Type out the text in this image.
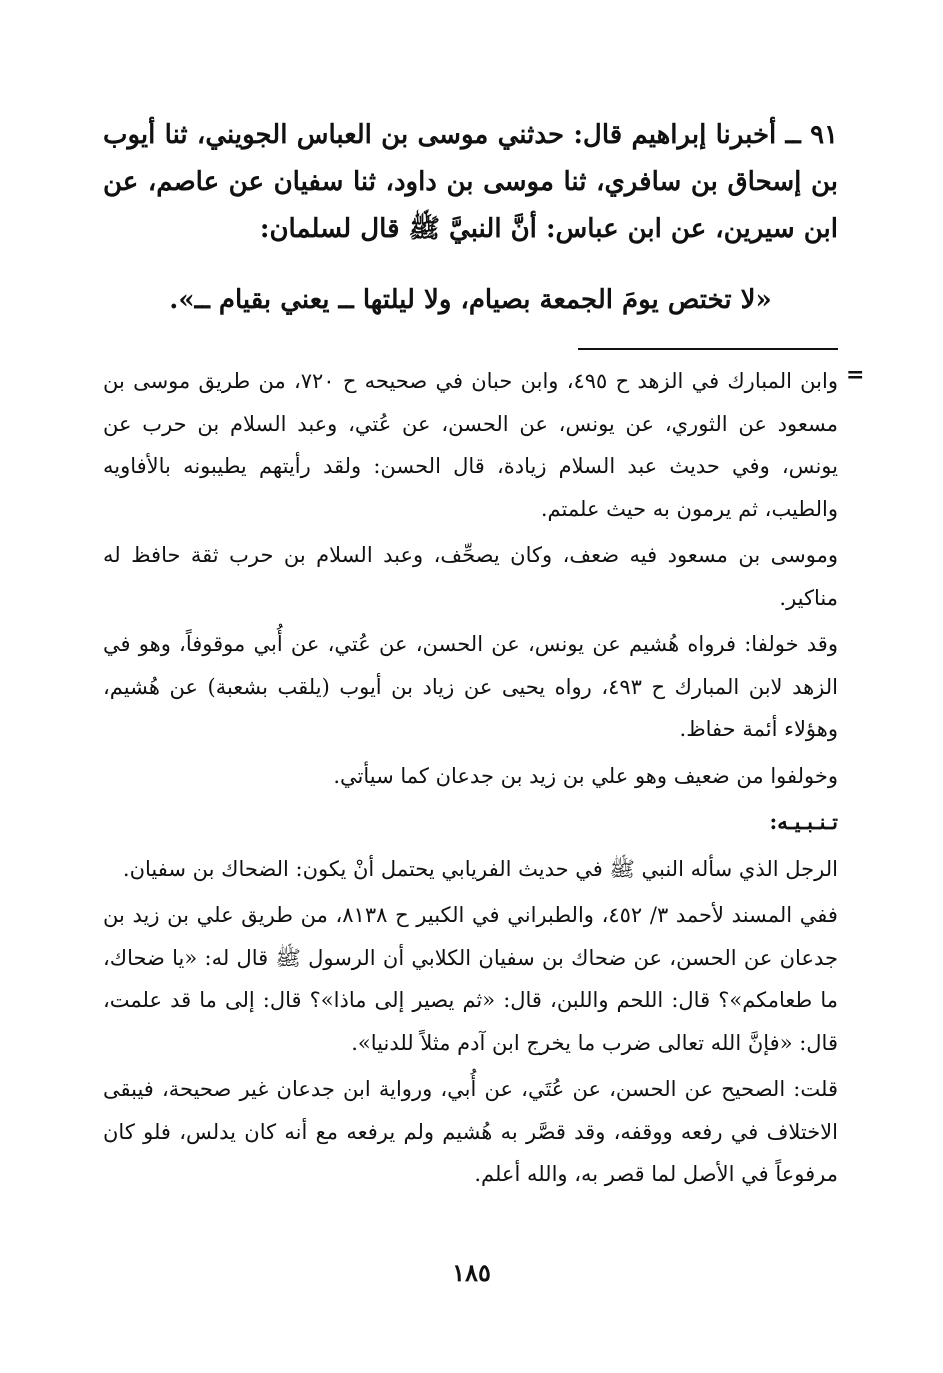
٩١ ــ أخبرنا إبراهيم قال: حدثني موسى بن العباس الجويني، ثنا أيوب بن إسحاق بن سافري، ثنا موسى بن داود، ثنا سفيان عن عاصم، عن ابن سيرين، عن ابن عباس: أنَّ النبيَّ ﷺ قال لسلمان:

«لا تختص يومَ الجمعة بصيام، ولا ليلتها ــ يعني بقيام ــ».
=

وابن المبارك في الزهد ح ٤٩٥، وابن حبان في صحيحه ح ٧٢٠، من طريق موسى بن مسعود عن الثوري، عن يونس، عن الحسن، عن عُتي، وعبد السلام بن حرب عن يونس، وفي حديث عبد السلام زيادة، قال الحسن: ولقد رأيتهم يطيبونه بالأفاويه والطيب، ثم يرمون به حيث علمتم.

وموسى بن مسعود فيه ضعف، وكان يصحِّف، وعبد السلام بن حرب ثقة حافظ له مناكير.

وقد خولفا: فرواه هُشيم عن يونس، عن الحسن، عن عُتي، عن أُبي موقوفاً، وهو في الزهد لابن المبارك ح ٤٩٣، رواه يحيى عن زياد بن أيوب (يلقب بشعبة) عن هُشيم، وهؤلاء أئمة حفاظ.

وخولفوا من ضعيف وهو علي بن زيد بن جدعان كما سيأتي.

تـنـبـيـه:

الرجل الذي سأله النبي ﷺ في حديث الفريابي يحتمل أنْ يكون: الضحاك بن سفيان.

ففي المسند لأحمد ٣/ ٤٥٢، والطبراني في الكبير ح ٨١٣٨، من طريق علي بن زيد بن جدعان عن الحسن، عن ضحاك بن سفيان الكلابي أن الرسول ﷺ قال له: «يا ضحاك، ما طعامكم»؟ قال: اللحم واللبن، قال: «ثم يصير إلى ماذا»؟ قال: إلى ما قد علمت، قال: «فإنَّ الله تعالى ضرب ما يخرج ابن آدم مثلاً للدنيا».

قلت: الصحيح عن الحسن، عن عُتَي، عن أُبي، ورواية ابن جدعان غير صحيحة، فيبقى الاختلاف في رفعه ووقفه، وقد قصَّر به هُشيم ولم يرفعه مع أنه كان يدلس، فلو كان مرفوعاً في الأصل لما قصر به، والله أعلم.

١٨٥
